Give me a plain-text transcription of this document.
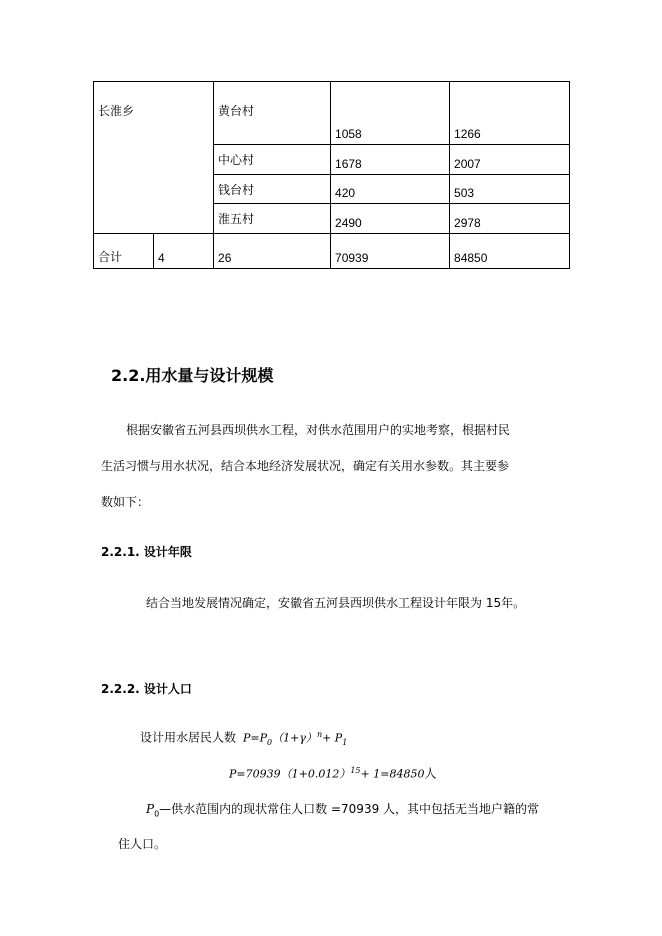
长淮乡		黄台村	1058	1266
		中心村	1678	2007
		钱台村	420	503
		淮五村	2490	2978
合计	4	26	70939	84850
2.2.用水量与设计规模

根据安徽省五河县西坝供水工程，对供水范围用户的实地考察，根据村民

生活习惯与用水状况，结合本地经济发展状况，确定有关用水参数。其主要参

数如下：

2.2.1. 设计年限

结合当地发展情况确定，安徽省五河县西坝供水工程设计年限为 15年。

2.2.2. 设计人口
设计用水居民人数 $P=P_0(1+\gamma)^n+ P_1$
$P=70939(1+0.012)^{15}+ 1=84850$人

$P_0—$供水范围内的现状常住人口数 =70939 人，其中包括无当地户籍的常

住人口。
